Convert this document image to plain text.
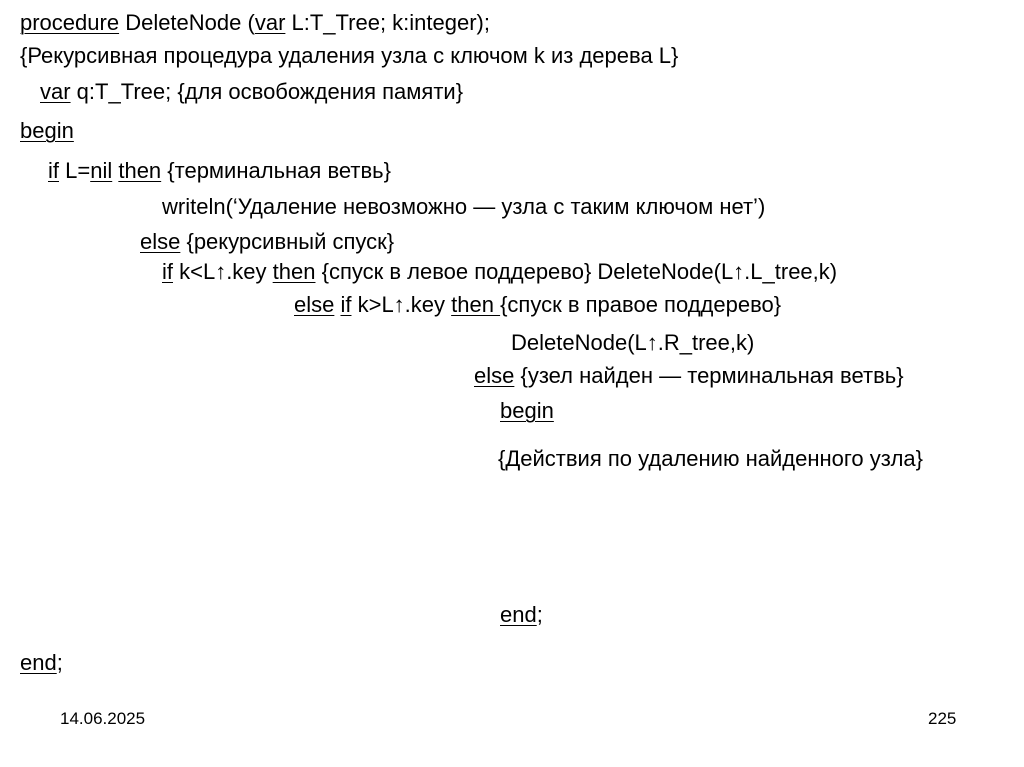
procedure DeleteNode (var L:T_Tree; k:integer);
{Рекурсивная процедура удаления узла с ключом k из дерева L}
var q:T_Tree; {для освобождения памяти}
begin
if L=nil then {терминальная ветвь}
writeln(‘Удаление невозможно — узла с таким ключом нет’)
else {рекурсивный спуск}
if k<L↑.key then {спуск в левое поддерево} DeleteNode(L↑.L_tree,k)
else if k>L↑.key then {спуск в правое поддерево}
DeleteNode(L↑.R_tree,k)
else {узел найден — терминальная ветвь}
begin
{Действия по удалению найденного узла}
end;
end;
14.06.2025	225
